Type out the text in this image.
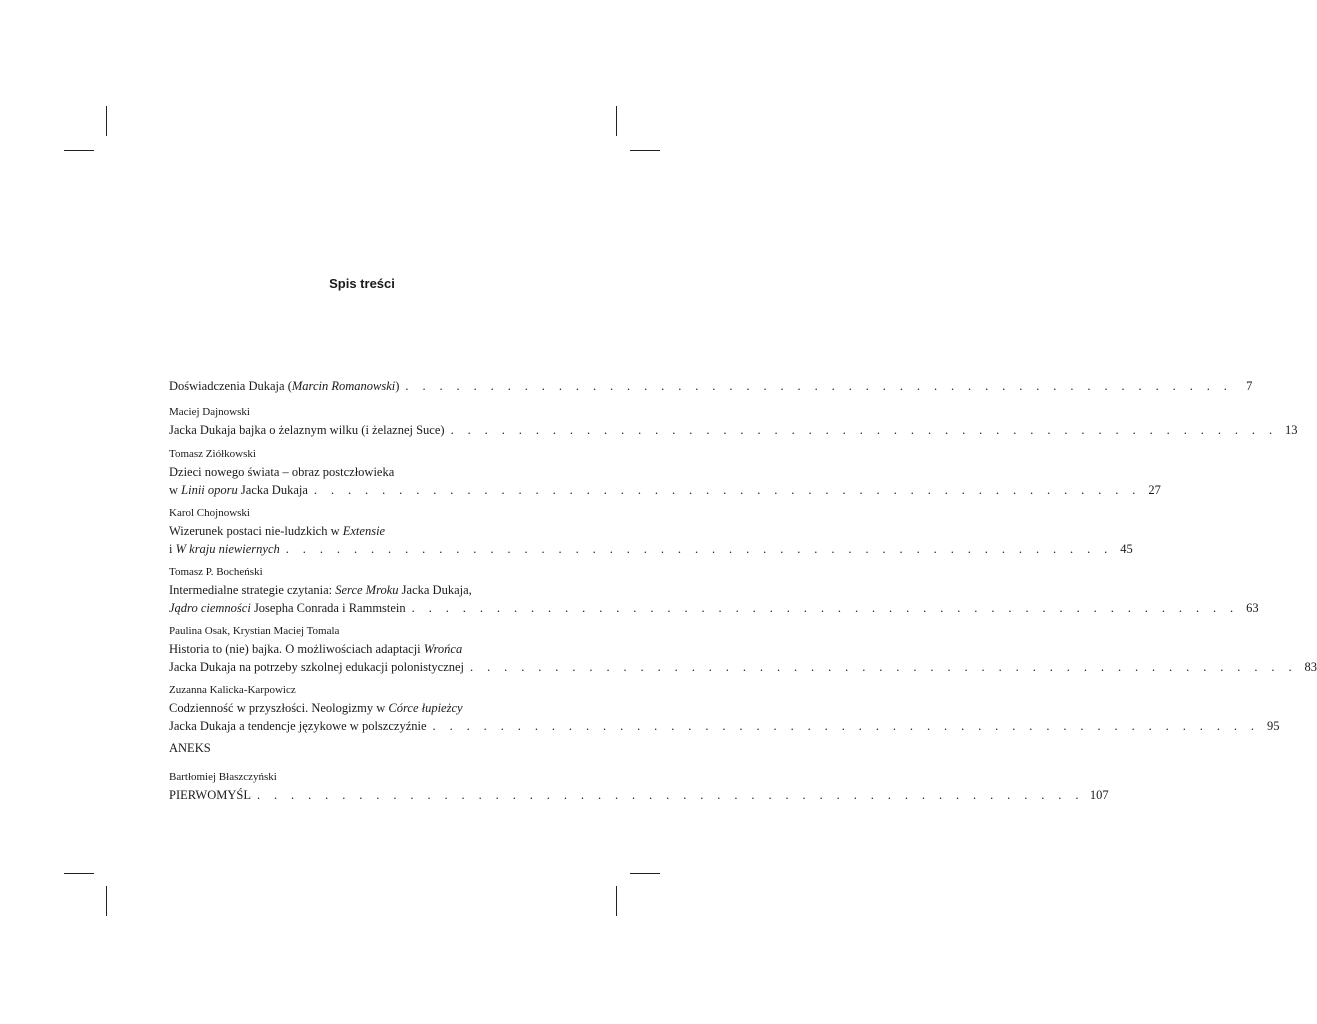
Spis treści
Doświadczenia Dukaja (Marcin Romanowski) . . . . . . . . . . . . . . . . . . . . . . . . . . . . . . . . . . . . . . . . . . . . . . . . .	7
Maciej Dajnowski
Jacka Dukaja bajka o żelaznym wilku (i żelaznej Suce) . . . . . . . . . . . . . . . . . . . . . . . . . . . . . . . . . . . . . . . . . . . . . . . . . 13
Tomasz Ziółkowski
Dzieci nowego świata – obraz postczłowieka
w Linii oporu Jacka Dukaja . . . . . . . . . . . . . . . . . . . . . . . . . . . . . . . . . . . . . . . . . . . . . . . . . 27
Karol Chojnowski
Wizerunek postaci nie-ludzkich w Extensie
i W kraju niewiernych . . . . . . . . . . . . . . . . . . . . . . . . . . . . . . . . . . . . . . . . . . . . . . . . . 45
Tomasz P. Bocheński
Intermedialne strategie czytania: Serce Mroku Jacka Dukaja,
Jądro ciemności Josepha Conrada i Rammstein . . . . . . . . . . . . . . . . . . . . . . . . . . . . . . . . . . . . . . . . . . . . . . . . . 63
Paulina Osak, Krystian Maciej Tomala
Historia to (nie) bajka. O możliwościach adaptacji Wrońca
Jacka Dukaja na potrzeby szkolnej edukacji polonistycznej . . . . . . . . . . . . . . . . . . . . . . . . . . . . . . . . . . . . . . . . . . . . . . . . . 83
Zuzanna Kalicka-Karpowicz
Codzienność w przyszłości. Neologizmy w Córce łupieżcy
Jacka Dukaja a tendencje językowe w polszczyźnie . . . . . . . . . . . . . . . . . . . . . . . . . . . . . . . . . . . . . . . . . . . . . . . . . 95
ANEKS
Bartłomiej Błaszczyński
PIERWOMYŚL . . . . . . . . . . . . . . . . . . . . . . . . . . . . . . . . . . . . . . . . . . . . . . . . . 107
